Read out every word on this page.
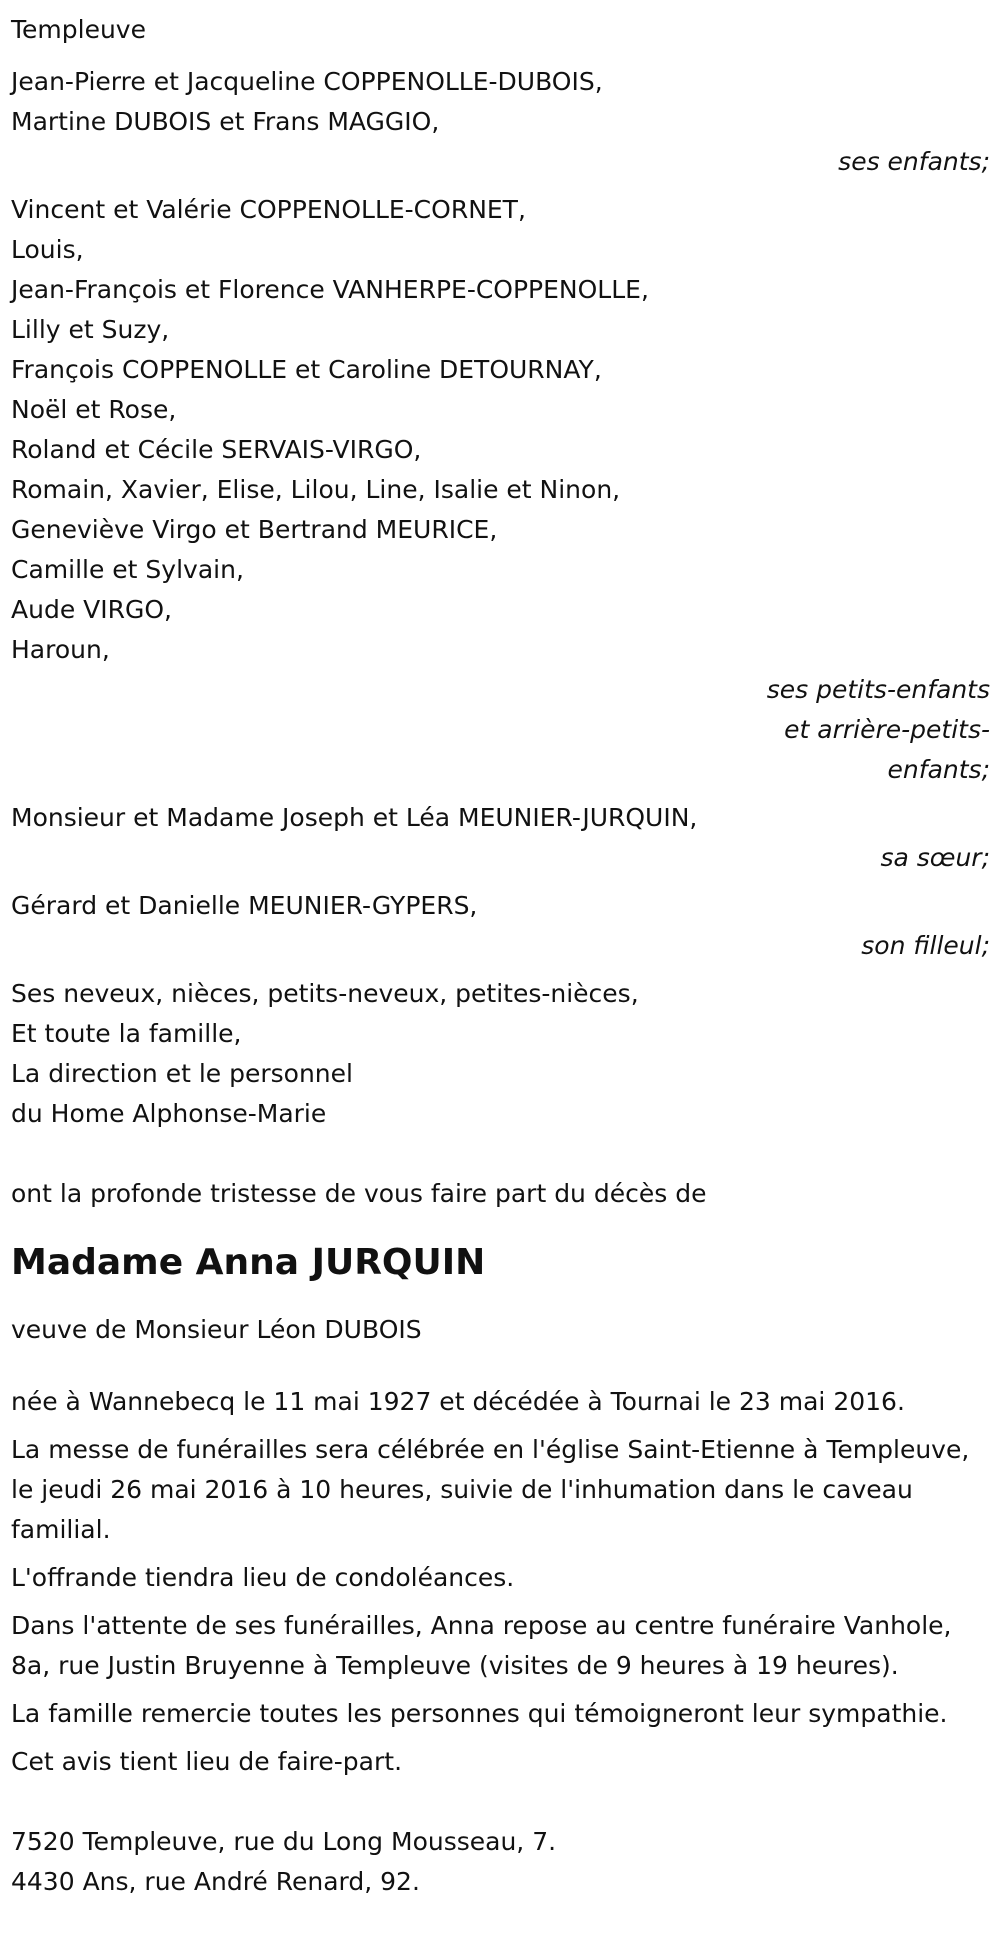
Templeuve
Jean-Pierre et Jacqueline COPPENOLLE-DUBOIS,
Martine DUBOIS et Frans MAGGIO,
ses enfants;
Vincent et Valérie COPPENOLLE-CORNET,
Louis,
Jean-François et Florence VANHERPE-COPPENOLLE,
Lilly et Suzy,
François COPPENOLLE et Caroline DETOURNAY,
Noël et Rose,
Roland et Cécile SERVAIS-VIRGO,
Romain, Xavier, Elise, Lilou, Line, Isalie et Ninon,
Geneviève Virgo et Bertrand MEURICE,
Camille et Sylvain,
Aude VIRGO,
Haroun,
ses petits-enfants
et arrière-petits-
enfants;
Monsieur et Madame Joseph et Léa MEUNIER-JURQUIN,
sa sœur;
Gérard et Danielle MEUNIER-GYPERS,
son filleul;
Ses neveux, nièces, petits-neveux, petites-nièces,
Et toute la famille,
La direction et le personnel
du Home Alphonse-Marie
ont la profonde tristesse de vous faire part du décès de
Madame Anna JURQUIN
veuve de Monsieur Léon DUBOIS
née à Wannebecq le 11 mai 1927 et décédée à Tournai le 23 mai 2016.
La messe de funérailles sera célébrée en l'église Saint-Etienne à Templeuve, le jeudi 26 mai 2016 à 10 heures, suivie de l'inhumation dans le caveau familial.
L'offrande tiendra lieu de condoléances.
Dans l'attente de ses funérailles, Anna repose au centre funéraire Vanhole, 8a, rue Justin Bruyenne à Templeuve (visites de 9 heures à 19 heures).
La famille remercie toutes les personnes qui témoigneront leur sympathie.
Cet avis tient lieu de faire-part.
7520 Templeuve, rue du Long Mousseau, 7.
4430 Ans, rue André Renard, 92.
